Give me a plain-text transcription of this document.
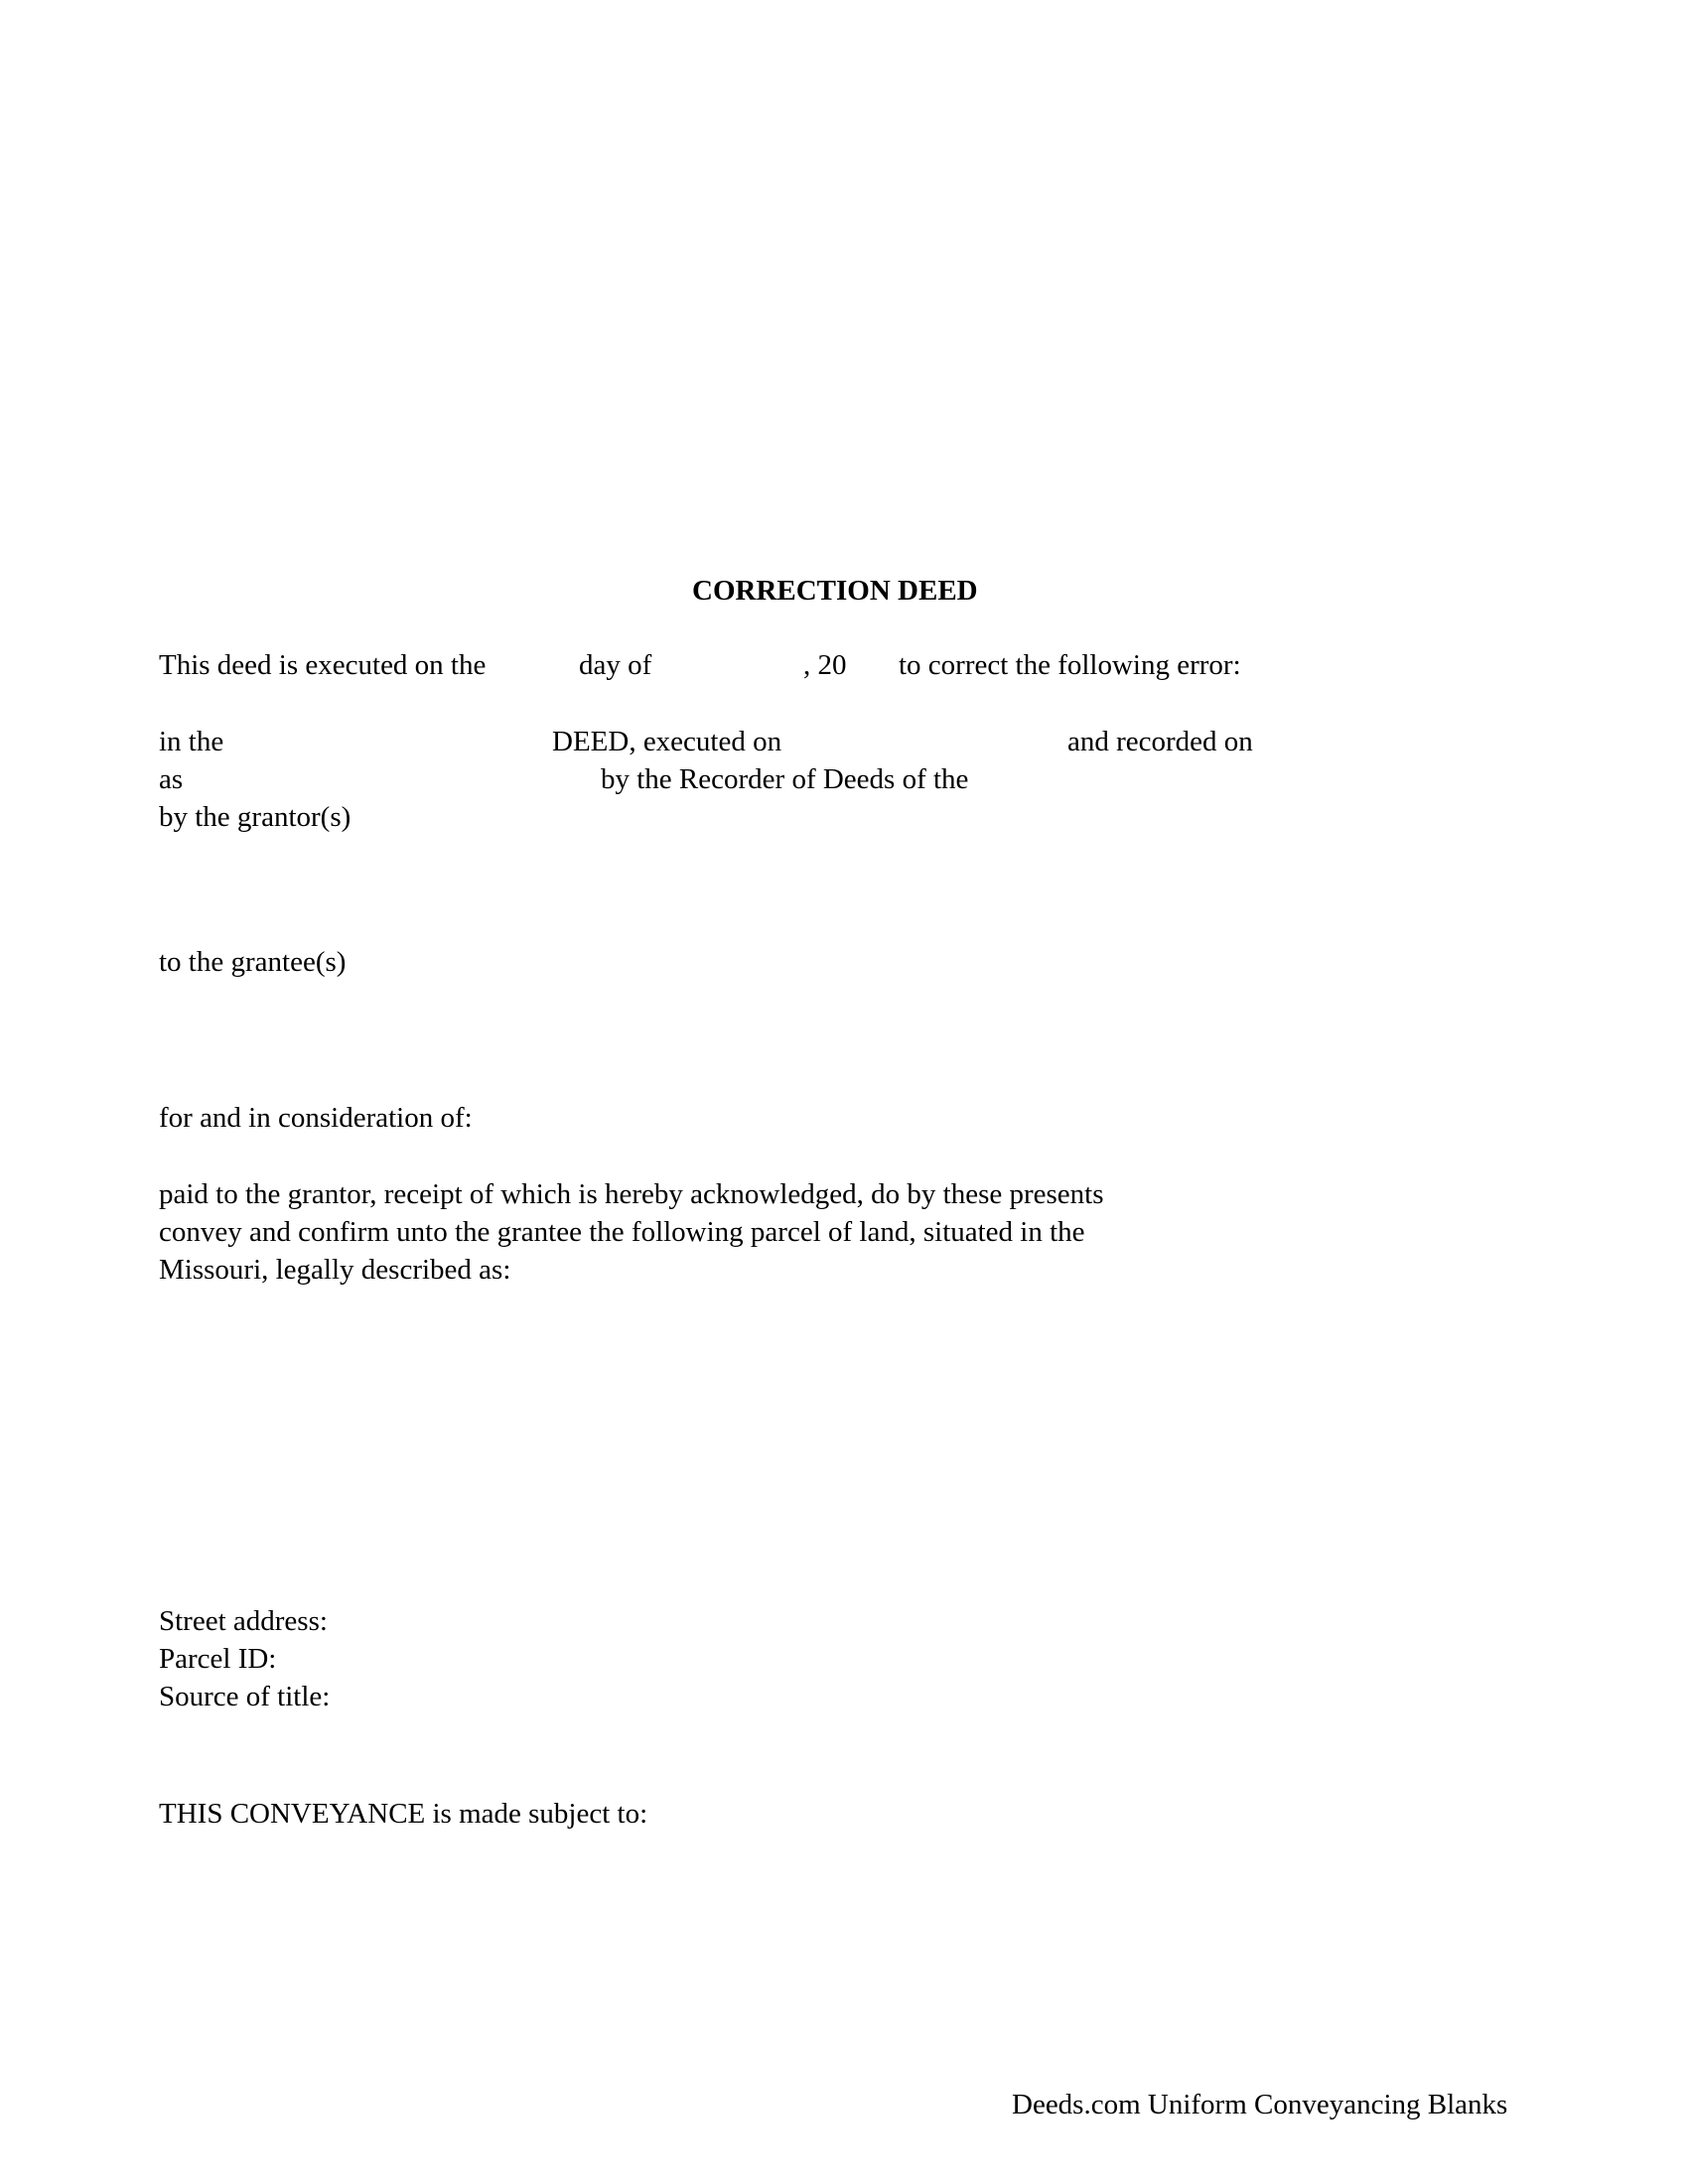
CORRECTION DEED
This deed is executed on the	day of	, 20 to correct the following error:
in the	DEED, executed on	and recorded on
as	by the Recorder of Deeds of the
by the grantor(s)
to the grantee(s)
for and in consideration of:
paid to the grantor, receipt of which is hereby acknowledged, do by these presents
convey and confirm unto the grantee the following parcel of land, situated in the
Missouri, legally described as:
Street address:
Parcel ID:
Source of title:
THIS CONVEYANCE is made subject to:
Deeds.com Uniform Conveyancing Blanks
